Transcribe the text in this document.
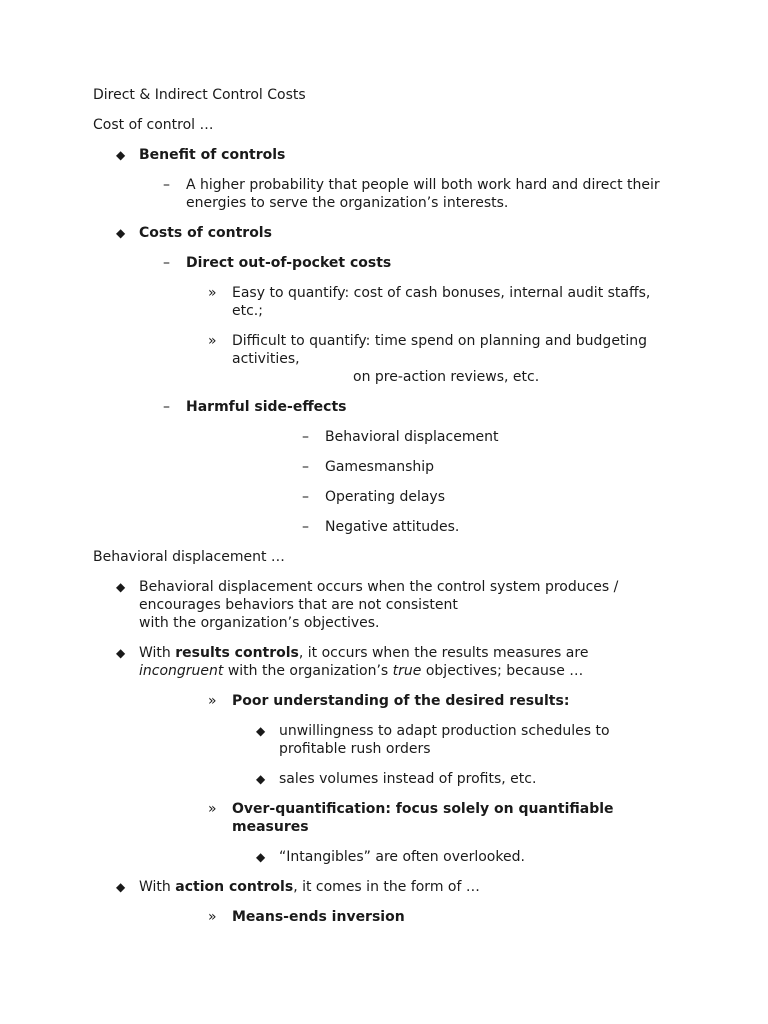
Direct & Indirect Control Costs

Cost of control …

◆ Benefit of controls

– A higher probability that people will both work hard and direct their

energies to serve the organization’s interests.

◆ Costs of controls

– Direct out-of-pocket costs

» Easy to quantify: cost of cash bonuses, internal audit staffs,

etc.;

» Difficult to quantify: time spend on planning and budgeting

activities,

on pre-action reviews, etc.

– Harmful side-effects

– Behavioral displacement

– Gamesmanship

– Operating delays

– Negative attitudes.

Behavioral displacement …

◆ Behavioral displacement occurs when the control system produces /

encourages behaviors that are not consistent

with the organization’s objectives.

◆ With results controls, it occurs when the results measures are

incongruent with the organization’s true objectives; because …

» Poor understanding of the desired results:

◆ unwillingness to adapt production schedules to

profitable rush orders

◆ sales volumes instead of profits, etc.

» Over-quantification: focus solely on quantifiable

measures

◆ “Intangibles” are often overlooked.

◆ With action controls, it comes in the form of …

» Means-ends inversion
